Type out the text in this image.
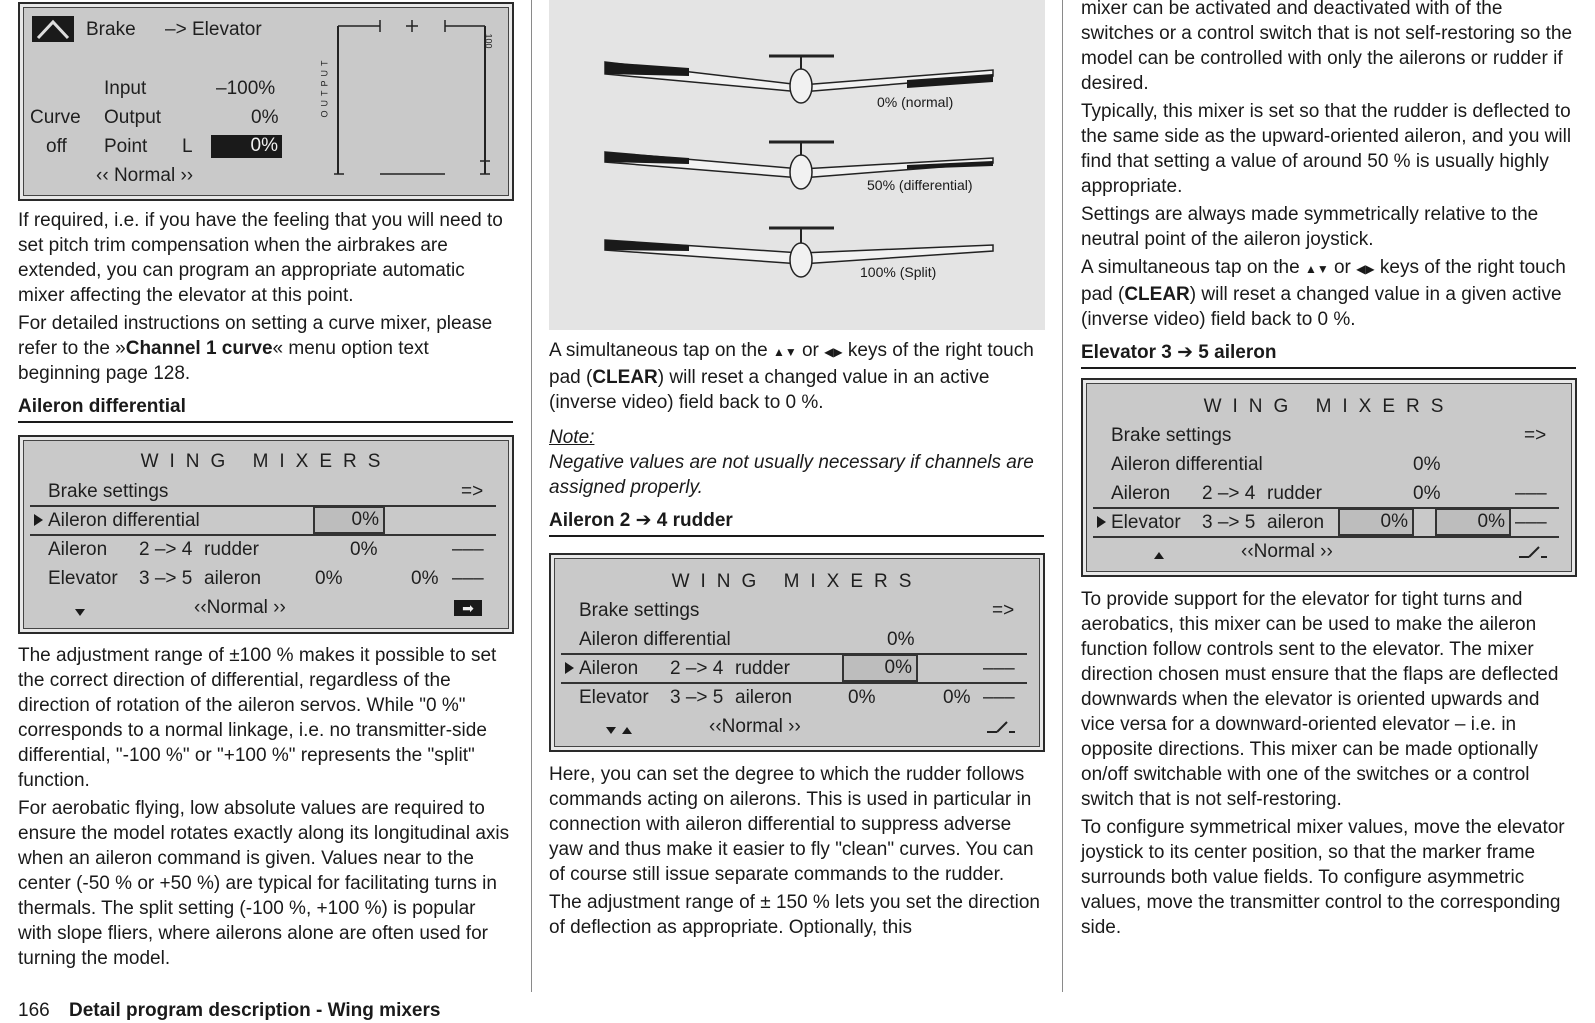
Brake –> Elevator
Input	–100%
Curve Output	0%
off Point L	0%
‹‹ Normal ››
OUTPUT
100

If required, i.e. if you have the feeling that you will need to set pitch trim compensation when the airbrakes are extended, you can program an appropriate automatic mixer affecting the elevator at this point.

For detailed instructions on setting a curve mixer, please refer to the »Channel 1 curve« menu option text beginning page 128.

Aileron differential
WING MIXERS
Brake settings	=>
Aileron differential	0%
Aileron 2 –> 4 rudder	0%	–––
Elevator 3 –> 5 aileron	0%	0% –––
‹‹Normal ››	➡

The adjustment range of ±100 % makes it possible to set the correct direction of differential, regardless of the direction of rotation of the aileron servos. While "0 %" corresponds to a normal linkage, i.e. no transmitter-side differential, "-100 %" or "+100 %" represents the "split" function.

For aerobatic flying, low absolute values are required to ensure the model rotates exactly along its longitudinal axis when an aileron command is given. Values near to the center (-50 % or +50 %) are typical for facilitating turns in thermals. The split setting (-100 %, +100 %) is popular with slope fliers, where ailerons alone are often used for turning the model.

0% (normal)
50% (differential)
100% (Split)

A simultaneous tap on the ▲▼ or ◀▶ keys of the right touch pad (CLEAR) will reset a changed value in an active (inverse video) field back to 0 %.

Note:

Negative values are not usually necessary if channels are assigned properly.

Aileron 2 ➔ 4 rudder
WING MIXERS
Brake settings	=>
Aileron differential	0%
Aileron 2 –> 4 rudder	0%	–––
Elevator 3 –> 5 aileron	0%	0% –––
‹‹Normal ››

Here, you can set the degree to which the rudder follows commands acting on ailerons. This is used in particular in connection with aileron differential to suppress adverse yaw and thus make it easier to fly "clean" curves. You can of course still issue separate commands to the rudder.

The adjustment range of ± 150 % lets you set the direction of deflection as appropriate. Optionally, this

mixer can be activated and deactivated with of the switches or a control switch that is not self-restoring so the model can be controlled with only the ailerons or rudder if desired.

Typically, this mixer is set so that the rudder is deflected to the same side as the upward-oriented aileron, and you will find that setting a value of around 50 % is usually highly appropriate.

Settings are always made symmetrically relative to the neutral point of the aileron joystick.

A simultaneous tap on the ▲▼ or ◀▶ keys of the right touch pad (CLEAR) will reset a changed value in a given active (inverse video) field back to 0 %.

Elevator 3 ➔ 5 aileron
WING MIXERS
Brake settings	=>
Aileron differential	0%
Aileron 2 –> 4 rudder	0%	–––
Elevator 3 –> 5 aileron	0%	0% –––
‹‹Normal ››

To provide support for the elevator for tight turns and aerobatics, this mixer can be used to make the aileron function follow controls sent to the elevator. The mixer direction chosen must ensure that the flaps are deflected downwards when the elevator is oriented upwards and vice versa for a downward-oriented elevator – i.e. in opposite directions. This mixer can be made optionally on/off switchable with one of the switches or a control switch that is not self-restoring.

To configure symmetrical mixer values, move the elevator joystick to its center position, so that the marker frame surrounds both value fields. To configure asymmetric values, move the transmitter control to the corresponding side.

166 Detail program description - Wing mixers
